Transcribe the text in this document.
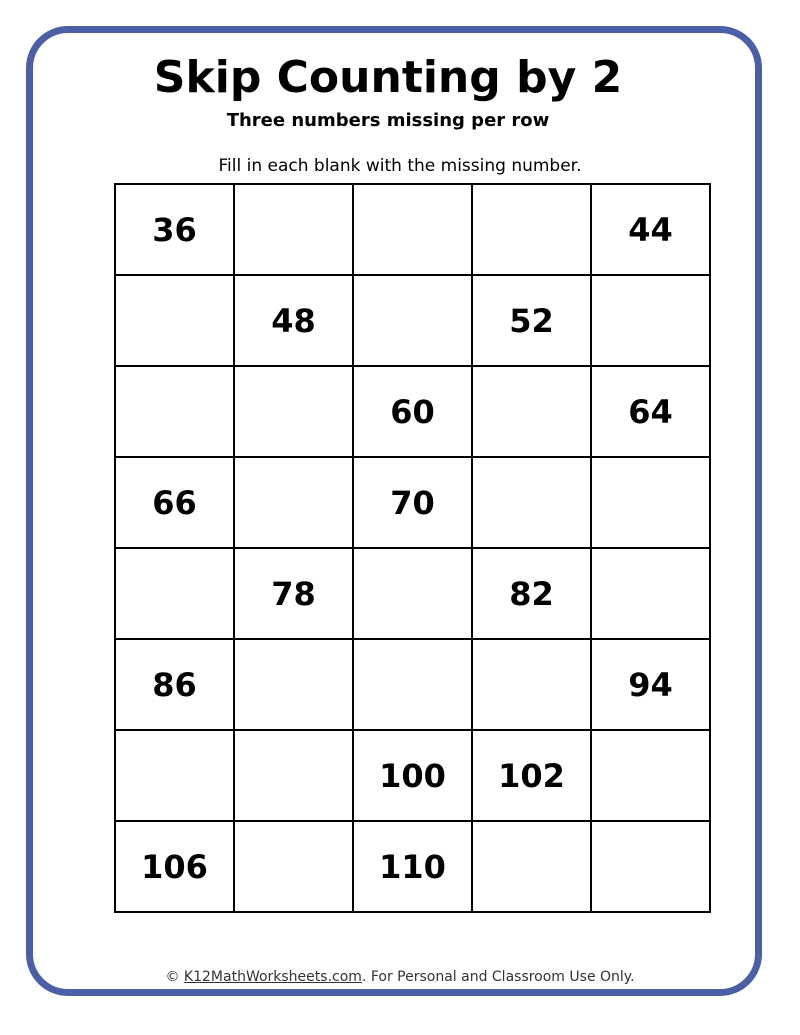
Skip Counting by 2
Three numbers missing per row
Fill in each blank with the missing number.
36				44
	48		52	
		60		64
66		70		
	78		82	
86				94
		100	102	
106		110		
© K12MathWorksheets.com. For Personal and Classroom Use Only.
